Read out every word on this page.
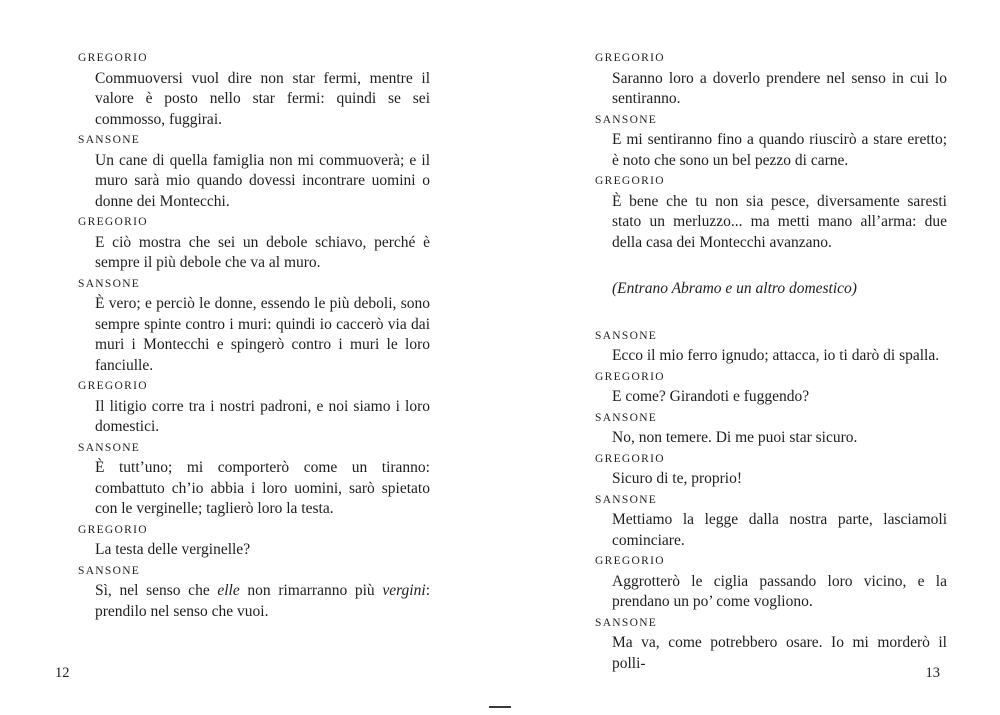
GREGORIO
Commuoversi vuol dire non star fermi, mentre il valore è posto nello star fermi: quindi se sei commosso, fuggirai.
SANSONE
Un cane di quella famiglia non mi commuoverà; e il muro sarà mio quando dovessi incontrare uomini o donne dei Montecchi.
GREGORIO
E ciò mostra che sei un debole schiavo, perché è sempre il più debole che va al muro.
SANSONE
È vero; e perciò le donne, essendo le più deboli, sono sempre spinte contro i muri: quindi io caccerò via dai muri i Montecchi e spingerò contro i muri le loro fanciulle.
GREGORIO
Il litigio corre tra i nostri padroni, e noi siamo i loro domestici.
SANSONE
È tutt’uno; mi comporterò come un tiranno: combattuto ch’io abbia i loro uomini, sarò spietato con le verginelle; taglierò loro la testa.
GREGORIO
La testa delle verginelle?
SANSONE
Sì, nel senso che elle non rimarranno più vergini: prendilo nel senso che vuoi.
GREGORIO
Saranno loro a doverlo prendere nel senso in cui lo sentiranno.
SANSONE
E mi sentiranno fino a quando riuscirò a stare eretto; è noto che sono un bel pezzo di carne.
GREGORIO
È bene che tu non sia pesce, diversamente saresti stato un merluzzo... ma metti mano all’arma: due della casa dei Montecchi avanzano.
(Entrano Abramo e un altro domestico)
SANSONE
Ecco il mio ferro ignudo; attacca, io ti darò di spalla.
GREGORIO
E come? Girandoti e fuggendo?
SANSONE
No, non temere. Di me puoi star sicuro.
GREGORIO
Sicuro di te, proprio!
SANSONE
Mettiamo la legge dalla nostra parte, lasciamoli cominciare.
GREGORIO
Aggrotterò le ciglia passando loro vicino, e la prendano un po’ come vogliono.
SANSONE
Ma va, come potrebbero osare. Io mi morderò il polli-
12	13
